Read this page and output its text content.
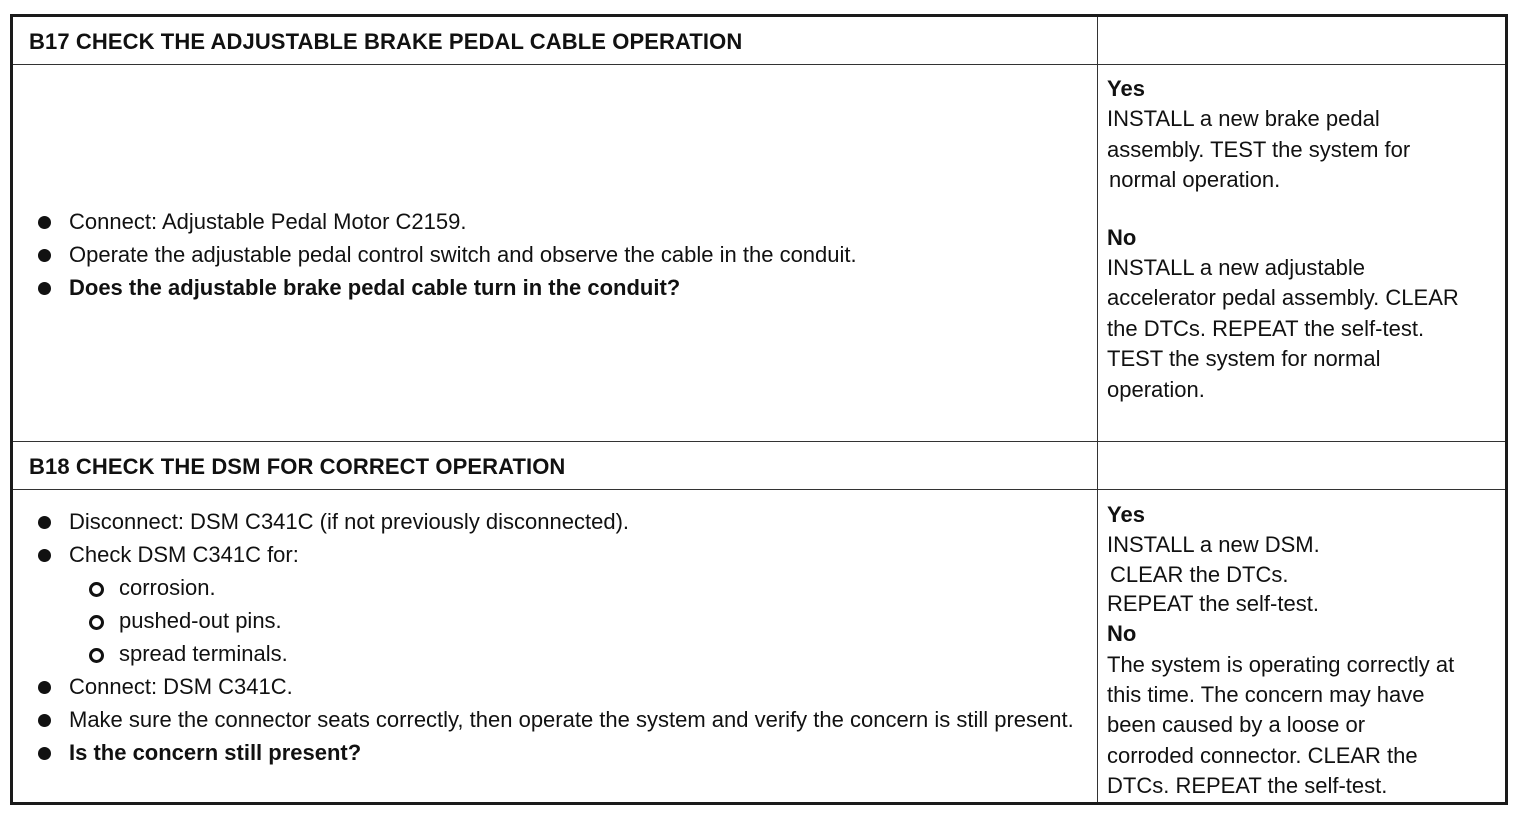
B17 CHECK THE ADJUSTABLE BRAKE PEDAL CABLE OPERATION
Connect: Adjustable Pedal Motor C2159.
Operate the adjustable pedal control switch and observe the cable in the conduit.
Does the adjustable brake pedal cable turn in the conduit?
Yes
INSTALL a new brake pedal
assembly. TEST the system for
normal operation.
No
INSTALL a new adjustable
accelerator pedal assembly. CLEAR
the DTCs. REPEAT the self-test.
TEST the system for normal
operation.
B18 CHECK THE DSM FOR CORRECT OPERATION
Disconnect: DSM C341C (if not previously disconnected).
Check DSM C341C for:
corrosion.
pushed-out pins.
spread terminals.
Connect: DSM C341C.
Make sure the connector seats correctly, then operate the system and verify the concern is still present.
Is the concern still present?
Yes
INSTALL a new DSM.
CLEAR the DTCs.
REPEAT the self-test.
No
The system is operating correctly at
this time. The concern may have
been caused by a loose or
corroded connector. CLEAR the
DTCs. REPEAT the self-test.
